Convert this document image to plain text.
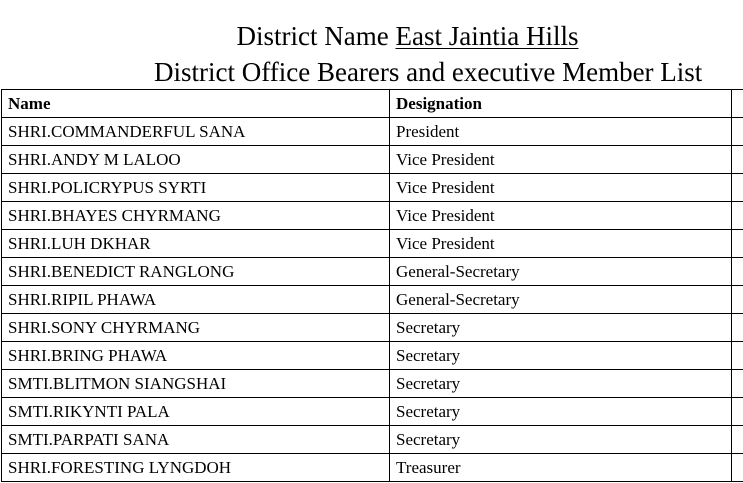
District Name East Jaintia Hills
District Office Bearers and executive Member List
Name	Designation	
SHRI.COMMANDERFUL SANA	President	
SHRI.ANDY M LALOO	Vice President	
SHRI.POLICRYPUS SYRTI	Vice President	
SHRI.BHAYES CHYRMANG	Vice President	
SHRI.LUH DKHAR	Vice President	
SHRI.BENEDICT RANGLONG	General-Secretary	
SHRI.RIPIL PHAWA	General-Secretary	
SHRI.SONY CHYRMANG	Secretary	
SHRI.BRING PHAWA	Secretary	
SMTI.BLITMON SIANGSHAI	Secretary	
SMTI.RIKYNTI PALA	Secretary	
SMTI.PARPATI SANA	Secretary	
SHRI.FORESTING LYNGDOH	Treasurer	
